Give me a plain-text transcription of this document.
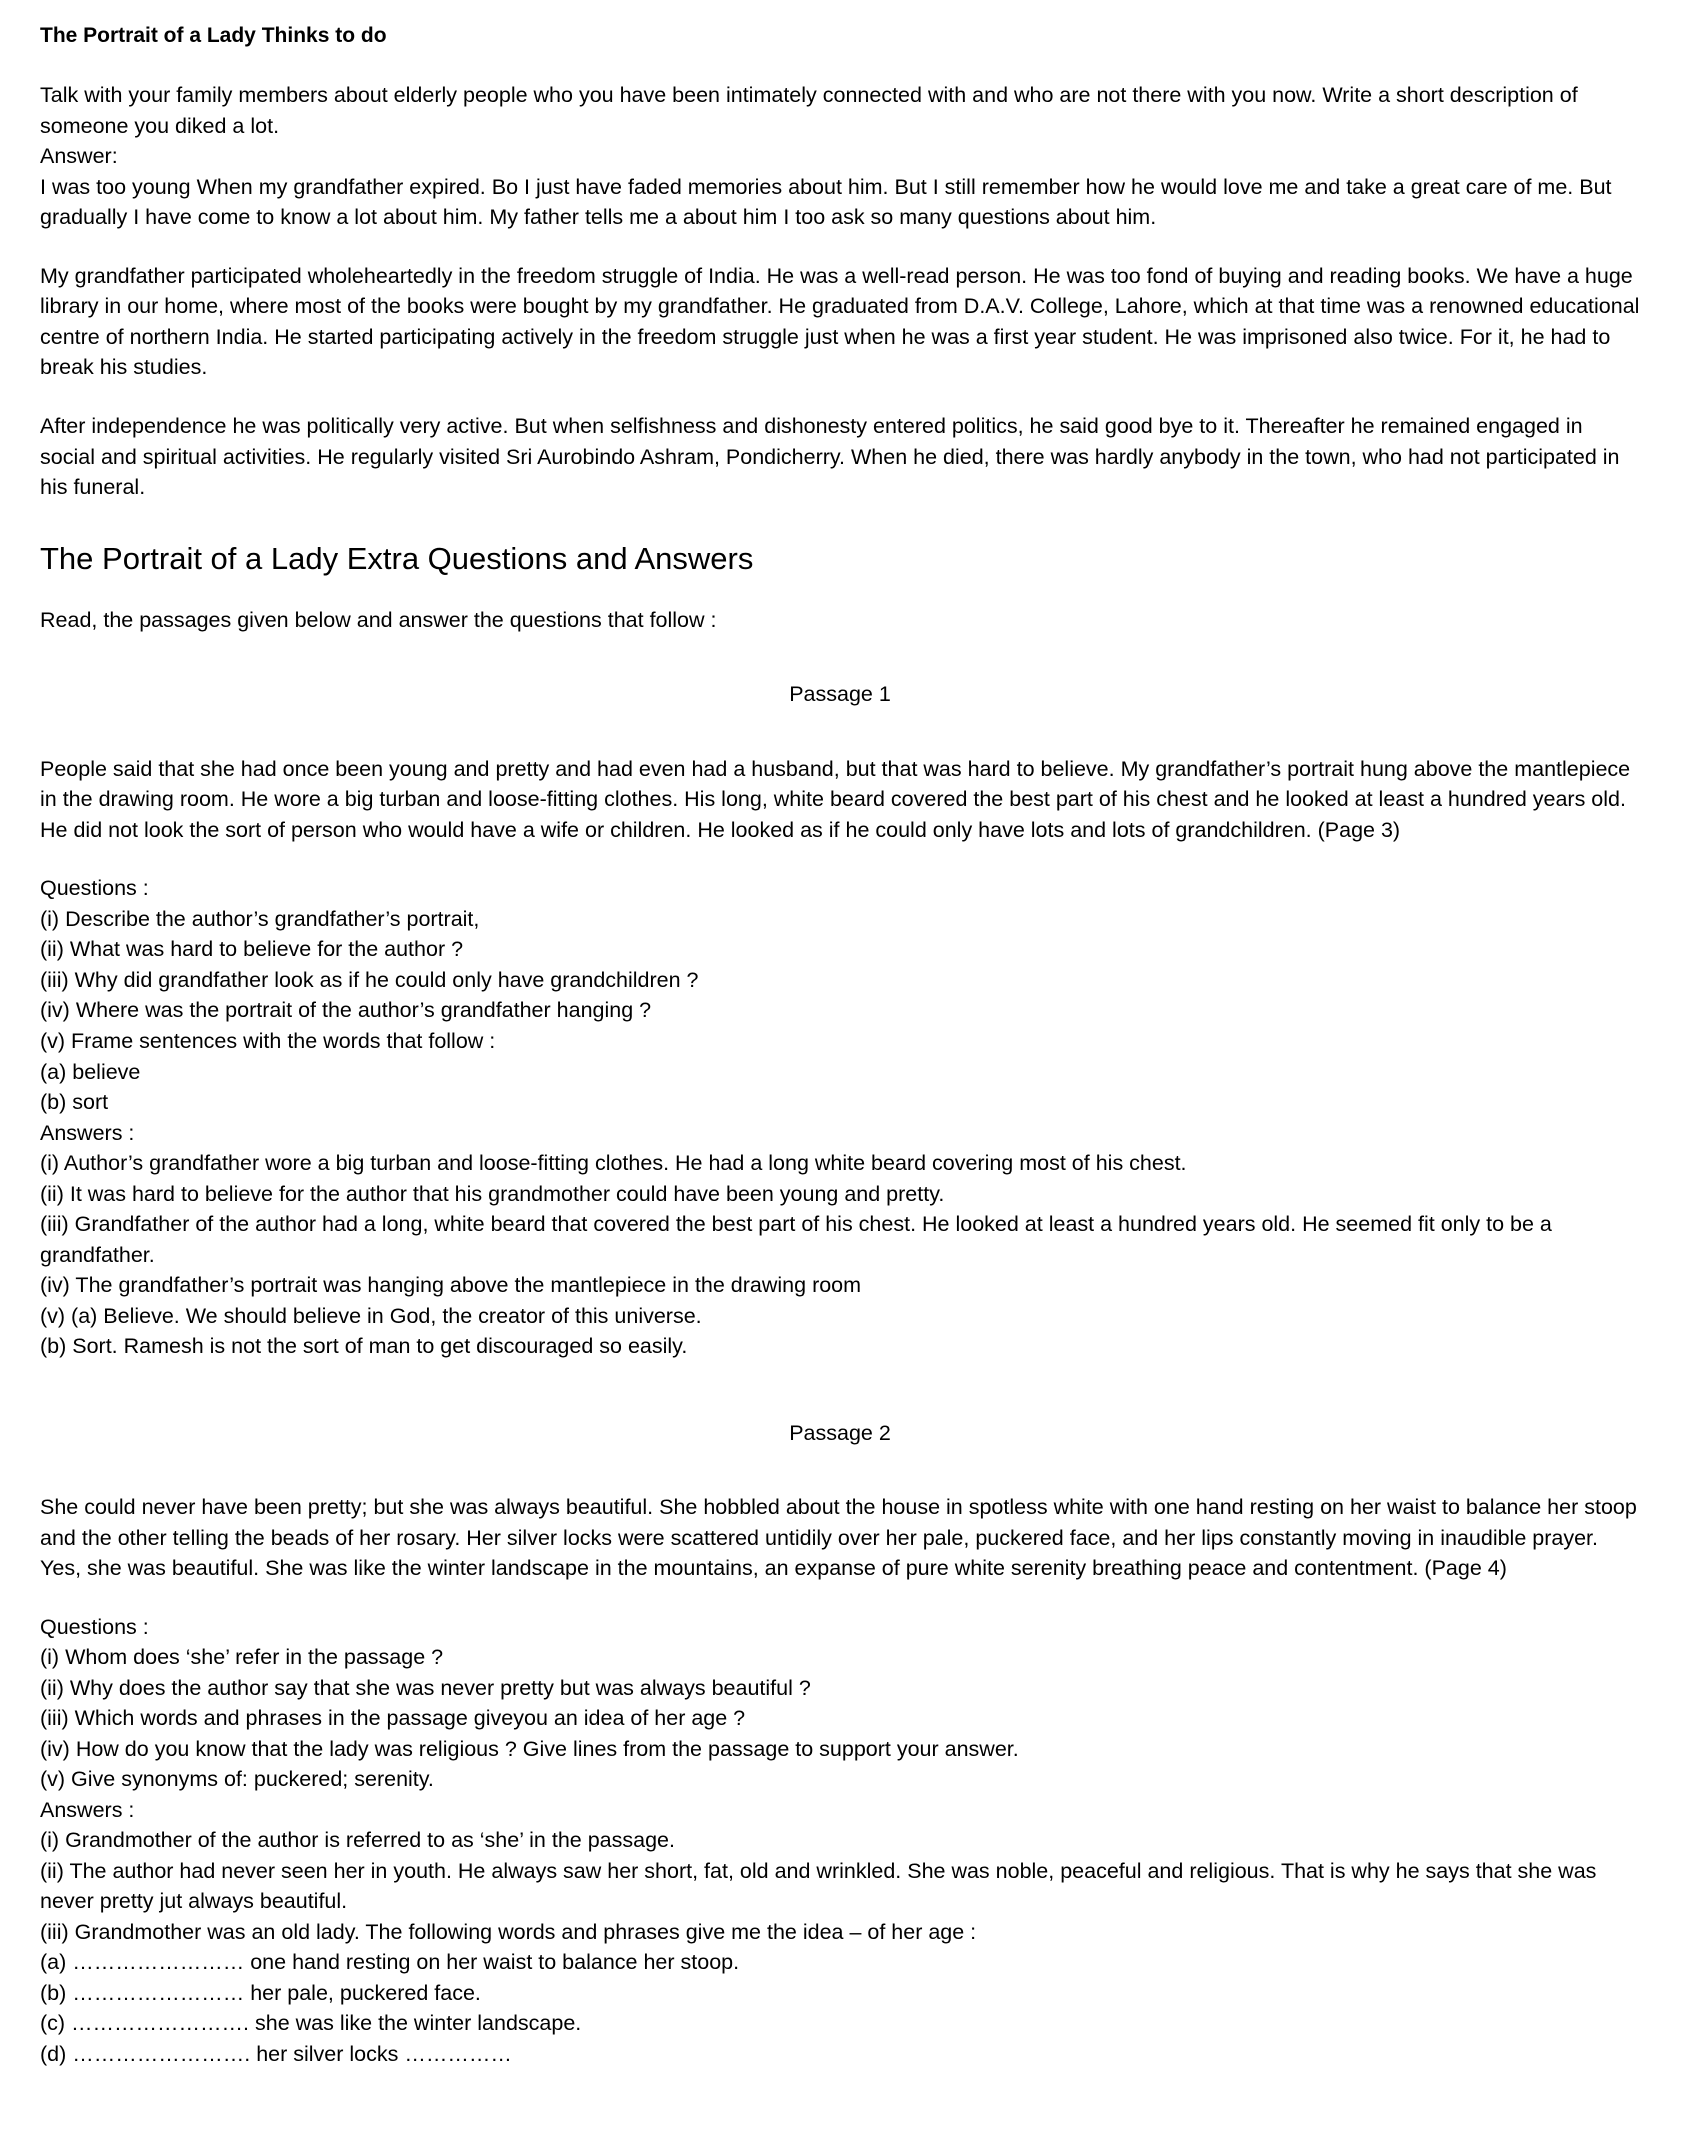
The Portrait of a Lady Thinks to do

Talk with your family members about elderly people who you have been intimately connected with and who are not there with you now. Write a short description of someone you diked a lot.

Answer:

I was too young When my grandfather expired. Bo I just have faded memories about him. But I still remember how he would love me and take a great care of me. But gradually I have come to know a lot about him. My father tells me a about him I too ask so many questions about him.

My grandfather participated wholeheartedly in the freedom struggle of India. He was a well-read person. He was too fond of buying and reading books. We have a huge library in our home, where most of the books were bought by my grandfather. He graduated from D.A.V. College, Lahore, which at that time was a renowned educational centre of northern India. He started participating actively in the freedom struggle just when he was a first year student. He was imprisoned also twice. For it, he had to break his studies.

After independence he was politically very active. But when selfishness and dishonesty entered politics, he said good bye to it. Thereafter he remained engaged in social and spiritual activities. He regularly visited Sri Aurobindo Ashram, Pondicherry. When he died, there was hardly anybody in the town, who had not participated in his funeral.

The Portrait of a Lady Extra Questions and Answers

Read, the passages given below and answer the questions that follow :

Passage 1

People said that she had once been young and pretty and had even had a husband, but that was hard to believe. My grandfather’s portrait hung above the mantlepiece in the drawing room. He wore a big turban and loose-fitting clothes. His long, white beard covered the best part of his chest and he looked at least a hundred years old. He did not look the sort of person who would have a wife or children. He looked as if he could only have lots and lots of grandchildren. (Page 3)

Questions :
(i) Describe the author’s grandfather’s portrait,
(ii) What was hard to believe for the author ?
(iii) Why did grandfather look as if he could only have grandchildren ?
(iv) Where was the portrait of the author’s grandfather hanging ?
(v) Frame sentences with the words that follow :
(a) believe
(b) sort
Answers :
(i) Author’s grandfather wore a big turban and loose-fitting clothes. He had a long white beard covering most of his chest.
(ii) It was hard to believe for the author that his grandmother could have been young and pretty.
(iii) Grandfather of the author had a long, white beard that covered the best part of his chest. He looked at least a hundred years old. He seemed fit only to be a grandfather.
(iv) The grandfather’s portrait was hanging above the mantlepiece in the drawing room
(v) (a) Believe. We should believe in God, the creator of this universe.
(b) Sort. Ramesh is not the sort of man to get discouraged so easily.
Passage 2

She could never have been pretty; but she was always beautiful. She hobbled about the house in spotless white with one hand resting on her waist to balance her stoop and the other telling the beads of her rosary. Her silver locks were scattered untidily over her pale, puckered face, and her lips constantly moving in inaudible prayer. Yes, she was beautiful. She was like the winter landscape in the mountains, an expanse of pure white serenity breathing peace and contentment. (Page 4)

Questions :
(i) Whom does ‘she’ refer in the passage ?
(ii) Why does the author say that she was never pretty but was always beautiful ?
(iii) Which words and phrases in the passage giveyou an idea of her age ?
(iv) How do you know that the lady was religious ? Give lines from the passage to support your answer.
(v) Give synonyms of: puckered; serenity.
Answers :
(i) Grandmother of the author is referred to as ‘she’ in the passage.
(ii) The author had never seen her in youth. He always saw her short, fat, old and wrinkled. She was noble, peaceful and religious. That is why he says that she was never pretty jut always beautiful.
(iii) Grandmother was an old lady. The following words and phrases give me the idea – of her age :
(a) …………………… one hand resting on her waist to balance her stoop.
(b) …………………… her pale, puckered face.
(c) ……………………. she was like the winter landscape.
(d) ……………………. her silver locks ……………
